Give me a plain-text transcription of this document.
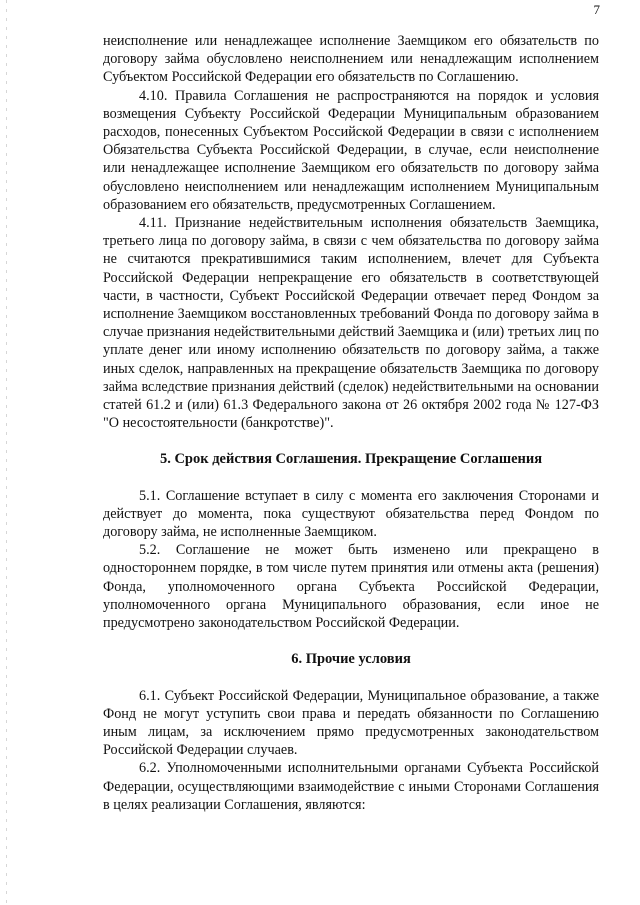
7

неисполнение или ненадлежащее исполнение Заемщиком его обязательств по договору займа обусловлено неисполнением или ненадлежащим исполнением Субъектом Российской Федерации его обязательств по Соглашению.

4.10. Правила Соглашения не распространяются на порядок и условия возмещения Субъекту Российской Федерации Муниципальным образованием расходов, понесенных Субъектом Российской Федерации в связи с исполнением Обязательства Субъекта Российской Федерации, в случае, если неисполнение или ненадлежащее исполнение Заемщиком его обязательств по договору займа обусловлено неисполнением или ненадлежащим исполнением Муниципальным образованием его обязательств, предусмотренных Соглашением.

4.11. Признание недействительным исполнения обязательств Заемщика, третьего лица по договору займа, в связи с чем обязательства по договору займа не считаются прекратившимися таким исполнением, влечет для Субъекта Российской Федерации непрекращение его обязательств в соответствующей части, в частности, Субъект Российской Федерации отвечает перед Фондом за исполнение Заемщиком восстановленных требований Фонда по договору займа в случае признания недействительными действий Заемщика и (или) третьих лиц по уплате денег или иному исполнению обязательств по договору займа, а также иных сделок, направленных на прекращение обязательств Заемщика по договору займа вследствие признания действий (сделок) недействительными на основании статей 61.2 и (или) 61.3 Федерального закона от 26 октября 2002 года № 127-ФЗ "О несостоятельности (банкротстве)".

5. Срок действия Соглашения. Прекращение Соглашения

5.1. Соглашение вступает в силу с момента его заключения Сторонами и действует до момента, пока существуют обязательства перед Фондом по договору займа, не исполненные Заемщиком.

5.2. Соглашение не может быть изменено или прекращено в одностороннем порядке, в том числе путем принятия или отмены акта (решения) Фонда, уполномоченного органа Субъекта Российской Федерации, уполномоченного органа Муниципального образования, если иное не предусмотрено законодательством Российской Федерации.

6. Прочие условия

6.1. Субъект Российской Федерации, Муниципальное образование, а также Фонд не могут уступить свои права и передать обязанности по Соглашению иным лицам, за исключением прямо предусмотренных законодательством Российской Федерации случаев.

6.2. Уполномоченными исполнительными органами Субъекта Российской Федерации, осуществляющими взаимодействие с иными Сторонами Соглашения в целях реализации Соглашения, являются:
